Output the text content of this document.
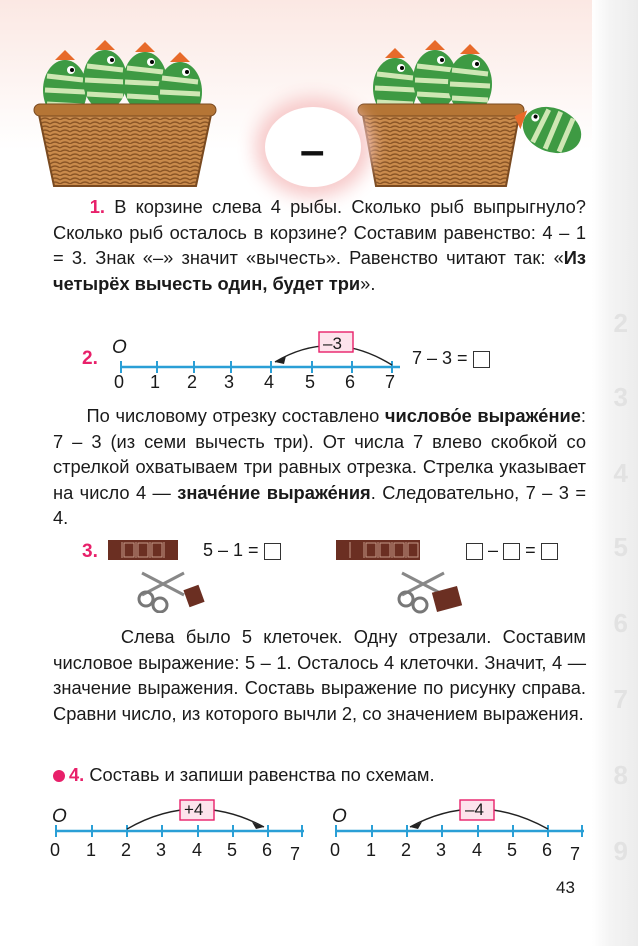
2
3
4
5
6
7
8
9
–
1. В корзине слева 4 рыбы. Сколько рыб выпрыгнуло? Сколько рыб осталось в корзине? Составим равенство: 4 – 1 = 3. Знак «–» значит «вычесть». Равенство читают так: «Из четырёх вычесть один, будет три».
2.
O	–3
0 1 2 3 4 5 6 7
7 – 3 =
По числовому отрезку составлено числово́е выраже́ние: 7 – 3 (из семи вычесть три). От числа 7 влево скобкой со стрелкой охватываем три равных отрезка. Стрелка указывает на число 4 — значе́ние выраже́ния. Следовательно, 7 – 3 = 4.
3.	5 – 1 =	– =
Слева было 5 клеточек. Одну отрезали. Составим числовое выражение: 5 – 1. Осталось 4 клеточки. Значит, 4 — значение выражения. Составь выражение по рисунку справа. Сравни число, из которого вычли 2, со значением выражения.
4. Составь и запиши равенства по схемам.
O	+4
0 1 2 3 4 5 6 7
O	–4
0 1 2 3 4 5 6 7
43
